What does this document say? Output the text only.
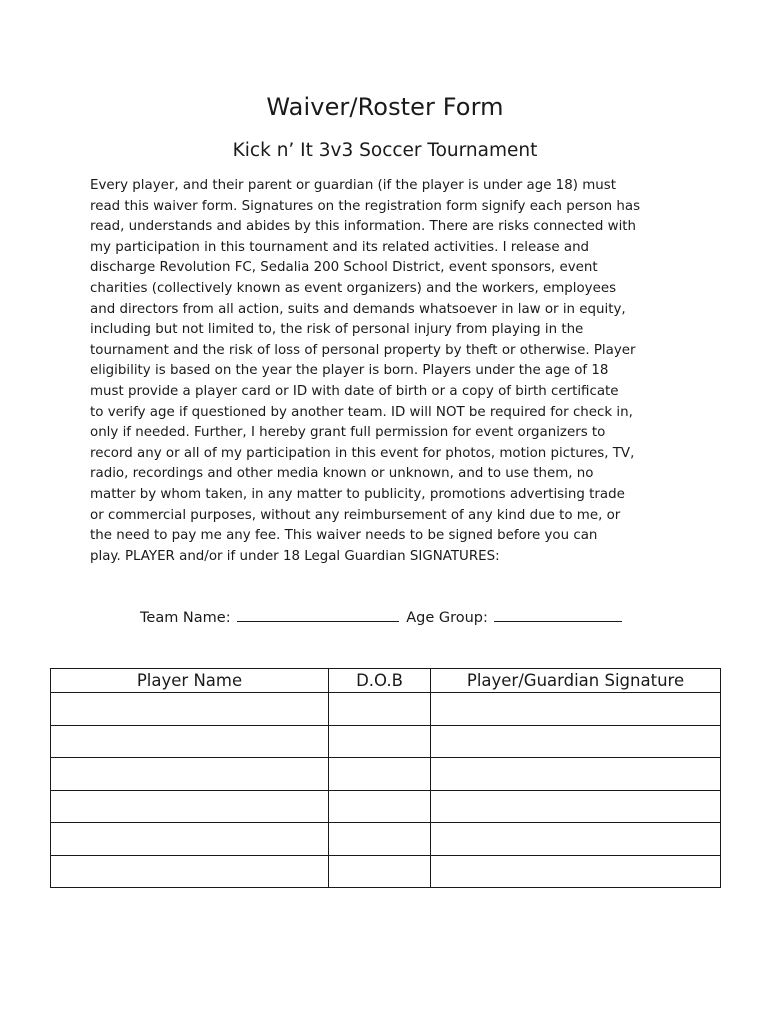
Waiver/Roster Form
Kick n’ It 3v3 Soccer Tournament
Every player, and their parent or guardian (if the player is under age 18) must
read this waiver form. Signatures on the registration form signify each person has
read, understands and abides by this information. There are risks connected with
my participation in this tournament and its related activities. I release and
discharge Revolution FC, Sedalia 200 School District, event sponsors, event
charities (collectively known as event organizers) and the workers, employees
and directors from all action, suits and demands whatsoever in law or in equity,
including but not limited to, the risk of personal injury from playing in the
tournament and the risk of loss of personal property by theft or otherwise. Player
eligibility is based on the year the player is born. Players under the age of 18
must provide a player card or ID with date of birth or a copy of birth certificate
to verify age if questioned by another team. ID will NOT be required for check in,
only if needed. Further, I hereby grant full permission for event organizers to
record any or all of my participation in this event for photos, motion pictures, TV,
radio, recordings and other media known or unknown, and to use them, no
matter by whom taken, in any matter to publicity, promotions advertising trade
or commercial purposes, without any reimbursement of any kind due to me, or
the need to pay me any fee. This waiver needs to be signed before you can
play. PLAYER and/or if under 18 Legal Guardian SIGNATURES:
Team Name:	Age Group:
Player Name	D.O.B	Player/Guardian Signature
